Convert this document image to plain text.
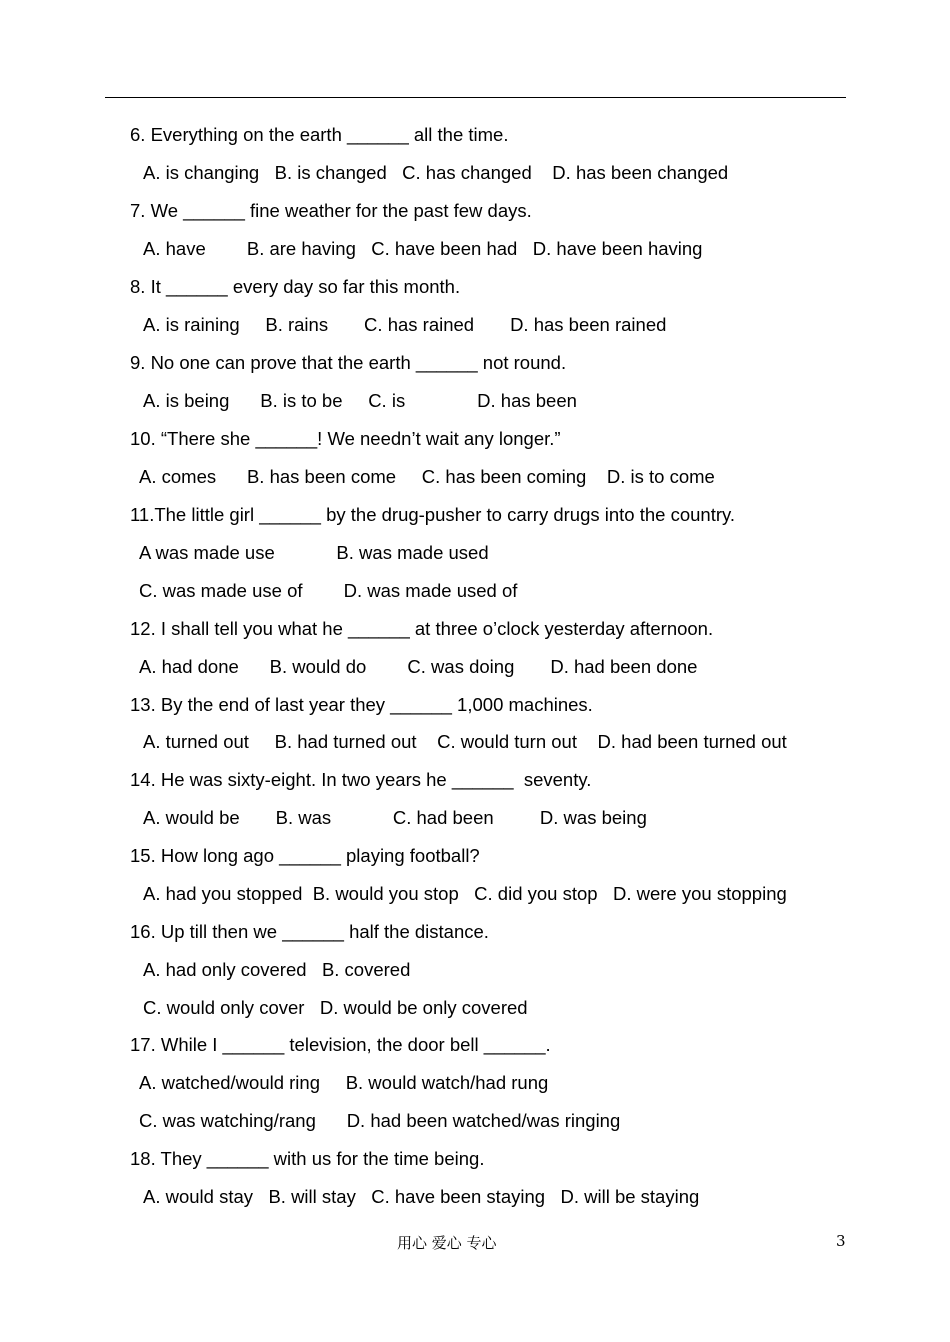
6. Everything on the earth ______ all the time.
A. is changing   B. is changed   C. has changed    D. has been changed
7. We ______ fine weather for the past few days.
A. have        B. are having   C. have been had   D. have been having
8. It ______ every day so far this month.
A. is raining     B. rains       C. has rained       D. has been rained
9. No one can prove that the earth ______ not round.
A. is being      B. is to be     C. is              D. has been
10. “There she ______! We needn’t wait any longer.”
A. comes      B. has been come     C. has been coming    D. is to come
11.The little girl ______ by the drug-pusher to carry drugs into the country.
A was made use            B. was made used
C. was made use of        D. was made used of
12. I shall tell you what he ______ at three o’clock yesterday afternoon.
A. had done      B. would do        C. was doing       D. had been done
13. By the end of last year they ______ 1,000 machines.
A. turned out     B. had turned out    C. would turn out    D. had been turned out
14. He was sixty-eight. In two years he ______  seventy.
A. would be       B. was            C. had been         D. was being
15. How long ago ______ playing football?
A. had you stopped  B. would you stop   C. did you stop   D. were you stopping
16. Up till then we ______ half the distance.
A. had only covered   B. covered
C. would only cover   D. would be only covered
17. While I ______ television, the door bell ______.
A. watched/would ring     B. would watch/had rung
C. was watching/rang      D. had been watched/was ringing
18. They ______ with us for the time being.
A. would stay   B. will stay   C. have been staying   D. will be staying
用心 爱心 专心	3
